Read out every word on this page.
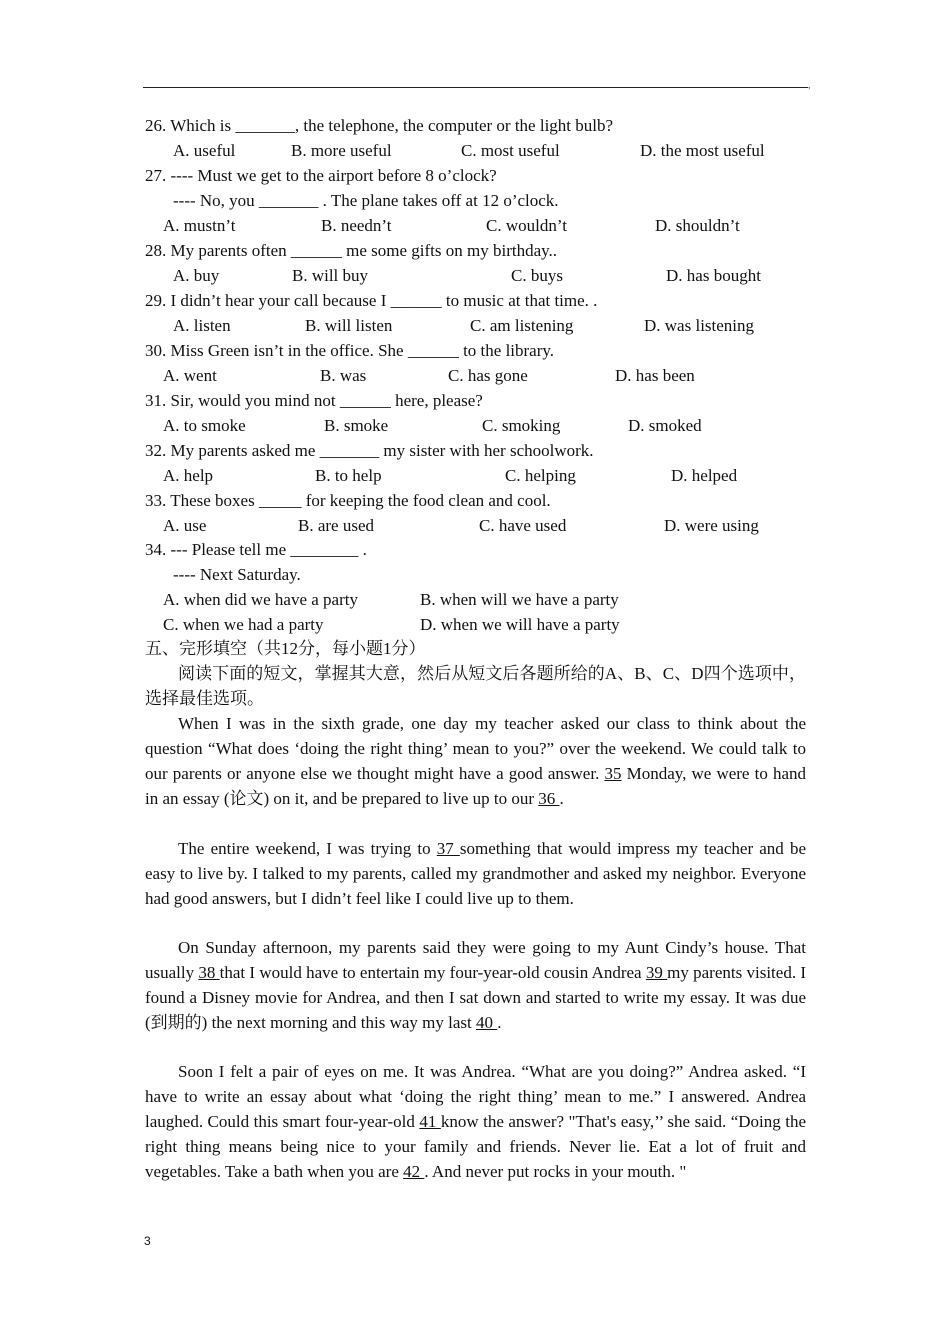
,
26. Which is _______, the telephone, the computer or the light bulb?
A. useful	B. more useful	C. most useful	D. the most useful
27. ---- Must we get to the airport before 8 o’clock?
---- No, you _______ . The plane takes off at 12 o’clock.
A. mustn’t	B. needn’t	C. wouldn’t	D. shouldn’t
28. My parents often ______ me some gifts on my birthday..
A. buy	B. will buy	C. buys	D. has bought
29. I didn’t hear your call because I ______ to music at that time. .
A. listen	B. will listen	C. am listening	D. was listening
30. Miss Green isn’t in the office. She ______ to the library.
A. went	B. was	C. has gone	D. has been
31. Sir, would you mind not ______ here, please?
A. to smoke	B. smoke	C. smoking	D. smoked
32. My parents asked me _______ my sister with her schoolwork.
A. help	B. to help	C. helping	D. helped
33. These boxes _____ for keeping the food clean and cool.
A. use	B. are used	C. have used	D. were using
34. --- Please tell me ________ .
---- Next Saturday.
A. when did we have a party	B. when will we have a party
C. when we had a party	D. when we will have a party
五、完形填空（共12分，每小题1分）
阅读下面的短文，掌握其大意，然后从短文后各题所给的A、B、C、D四个选项中，选择最佳选项。
When I was in the sixth grade, one day my teacher asked our class to think about the question “What does ‘doing the right thing’ mean to you?” over the weekend. We could talk to our parents or anyone else we thought might have a good answer. 35 Monday, we were to hand in an essay (论文) on it, and be prepared to live up to our 36 .
The entire weekend, I was trying to 37 something that would impress my teacher and be easy to live by. I talked to my parents, called my grandmother and asked my neighbor. Everyone had good answers, but I didn’t feel like I could live up to them.
On Sunday afternoon, my parents said they were going to my Aunt Cindy’s house. That usually 38 that I would have to entertain my four-year-old cousin Andrea 39 my parents visited. I found a Disney movie for Andrea, and then I sat down and started to write my essay. It was due (到期的) the next morning and this way my last 40 .
Soon I felt a pair of eyes on me. It was Andrea. “What are you doing?” Andrea asked. “I have to write an essay about what ‘doing the right thing’ mean to me.” I answered. Andrea laughed. Could this smart four-year-old 41 know the answer? "That's easy,’’ she said. “Doing the right thing means being nice to your family and friends. Never lie. Eat a lot of fruit and vegetables. Take a bath when you are 42 . And never put rocks in your mouth. "
3
